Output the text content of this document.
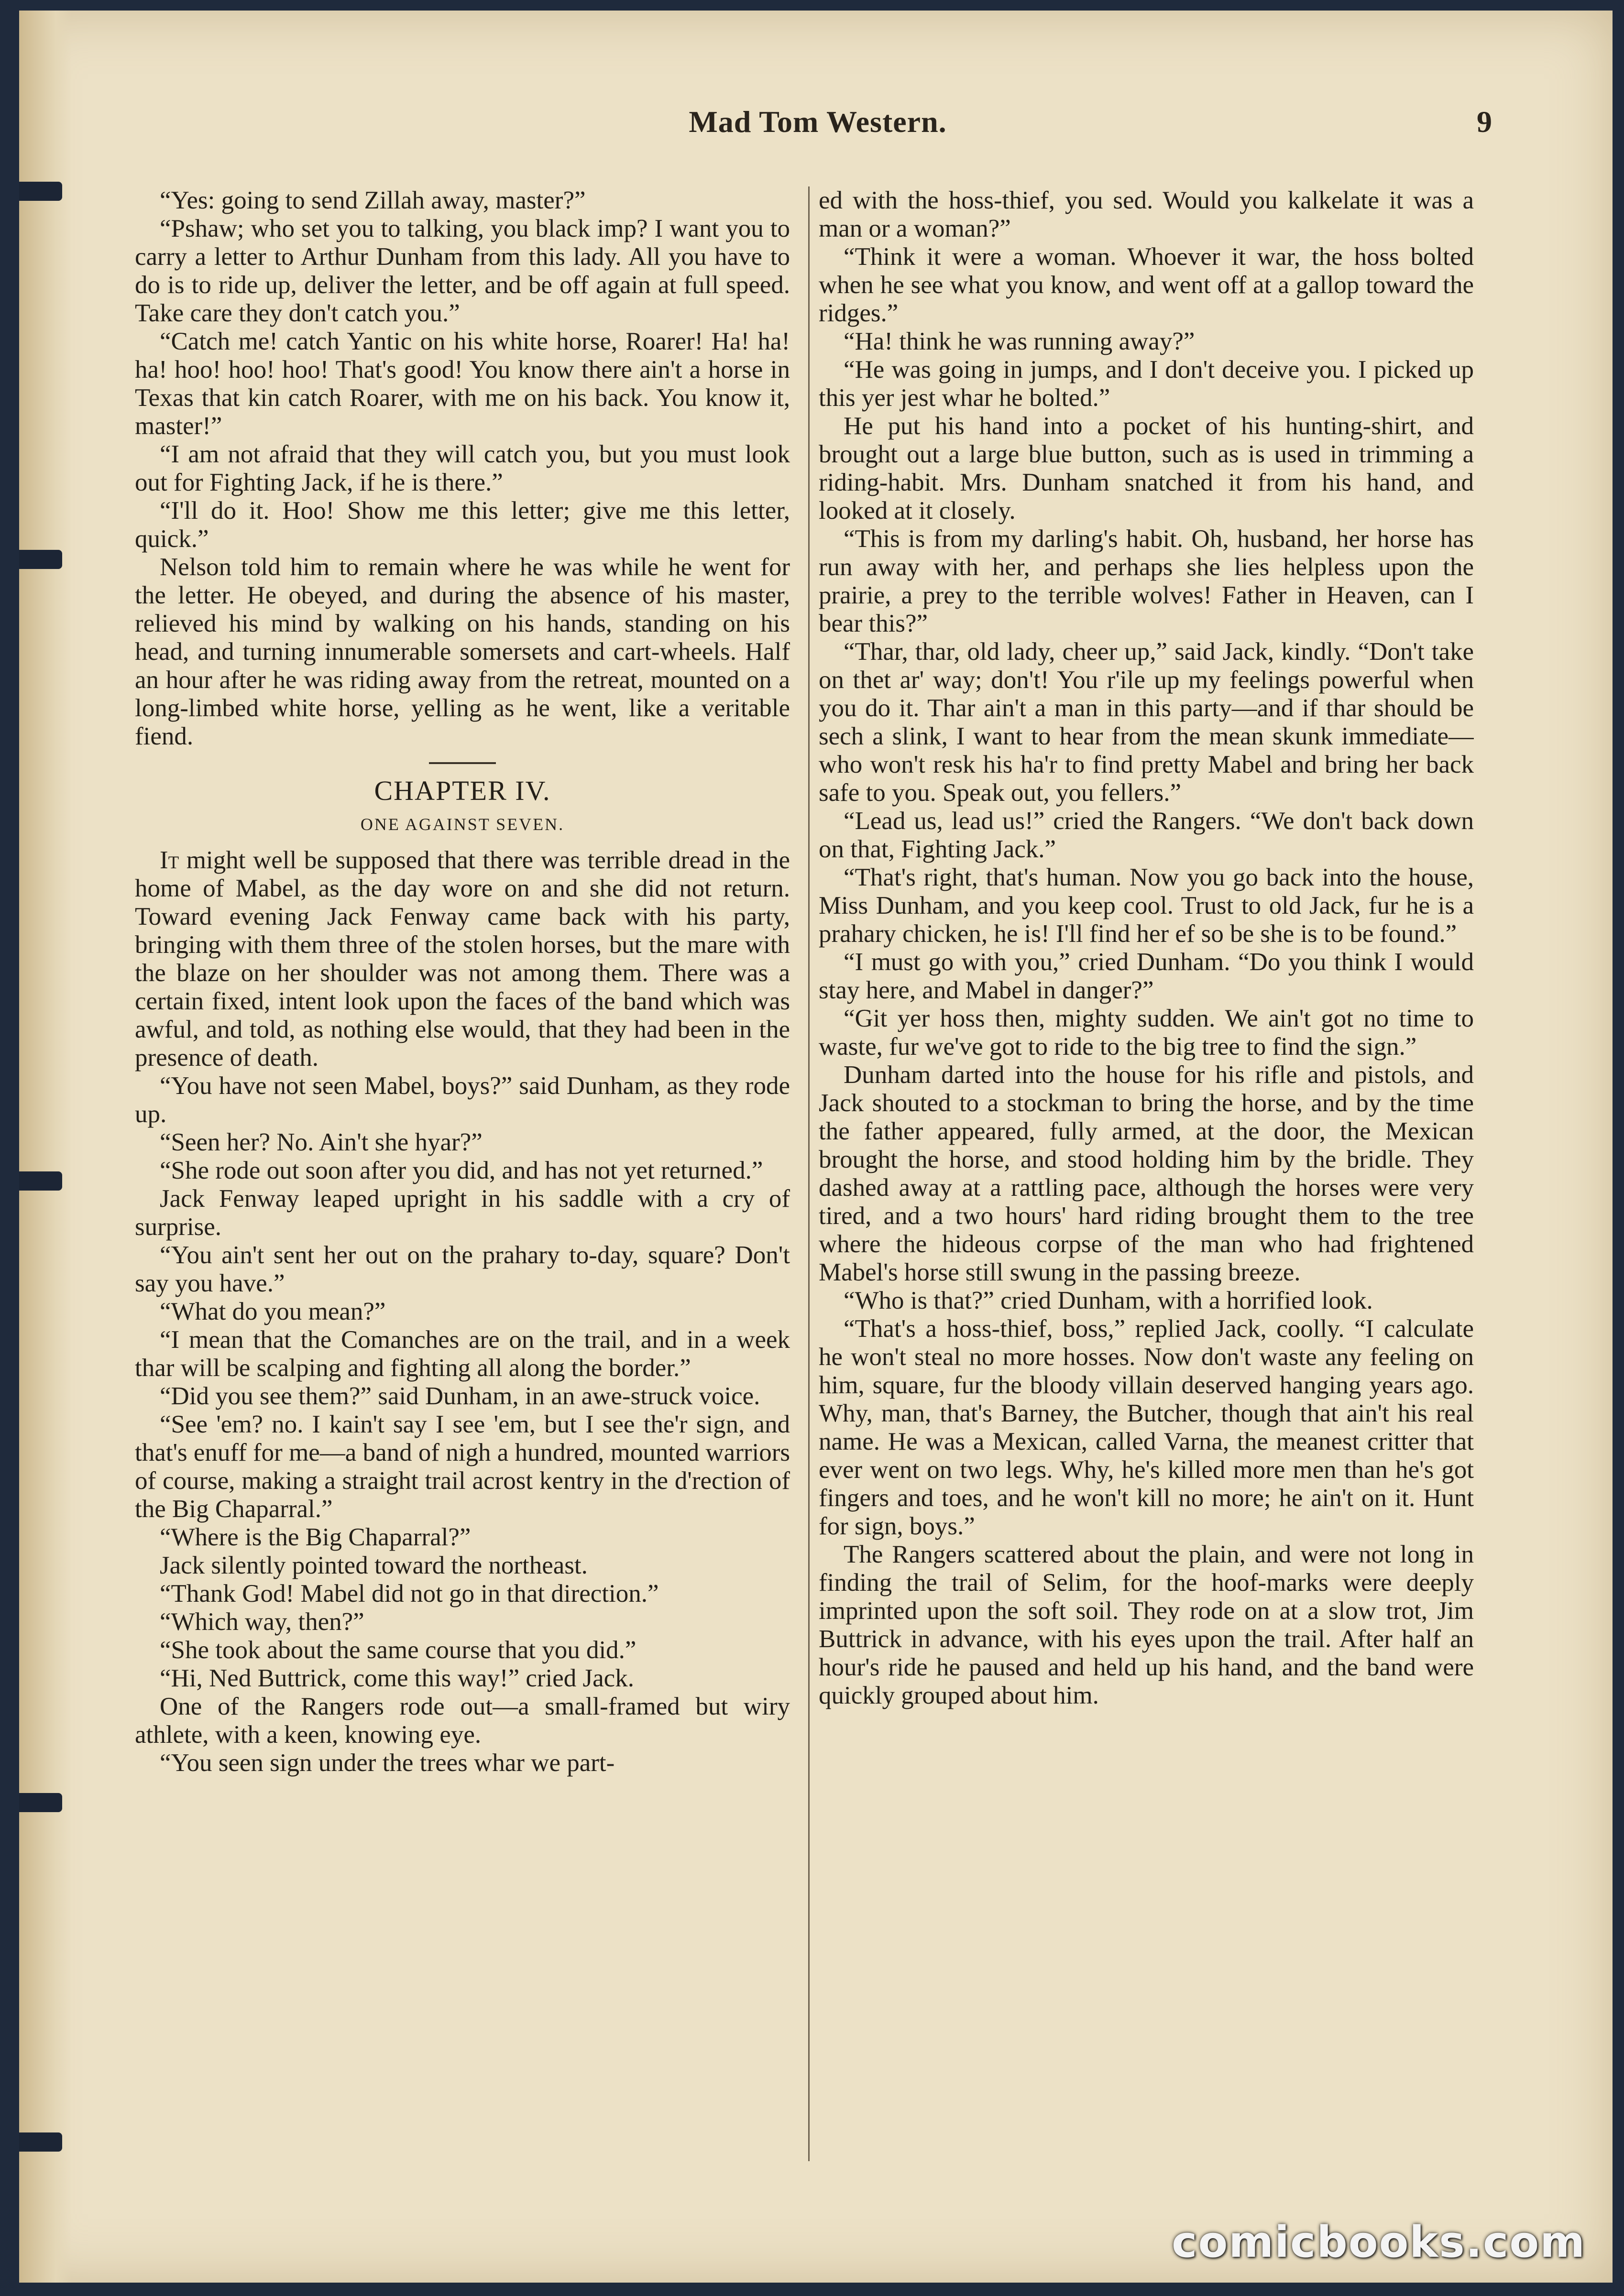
Mad Tom Western.	9

“Yes: going to send Zillah away, master?”

“Pshaw; who set you to talking, you black imp? I want you to carry a letter to Arthur Dunham from this lady. All you have to do is to ride up, deliver the letter, and be off again at full speed. Take care they don't catch you.”

“Catch me! catch Yantic on his white horse, Roarer! Ha! ha! ha! hoo! hoo! hoo! That's good! You know there ain't a horse in Texas that kin catch Roarer, with me on his back. You know it, master!”

“I am not afraid that they will catch you, but you must look out for Fighting Jack, if he is there.”

“I'll do it. Hoo! Show me this letter; give me this letter, quick.”

Nelson told him to remain where he was while he went for the letter. He obeyed, and during the absence of his master, relieved his mind by walking on his hands, standing on his head, and turning innumerable somersets and cart-wheels. Half an hour after he was riding away from the retreat, mounted on a long-limbed white horse, yelling as he went, like a veritable fiend.

CHAPTER IV.
ONE AGAINST SEVEN.

It might well be supposed that there was terrible dread in the home of Mabel, as the day wore on and she did not return. Toward evening Jack Fenway came back with his party, bringing with them three of the stolen horses, but the mare with the blaze on her shoulder was not among them. There was a certain fixed, intent look upon the faces of the band which was awful, and told, as nothing else would, that they had been in the presence of death.

“You have not seen Mabel, boys?” said Dunham, as they rode up.

“Seen her? No. Ain't she hyar?”

“She rode out soon after you did, and has not yet returned.”

Jack Fenway leaped upright in his saddle with a cry of surprise.

“You ain't sent her out on the prahary to-day, square? Don't say you have.”

“What do you mean?”

“I mean that the Comanches are on the trail, and in a week thar will be scalping and fighting all along the border.”

“Did you see them?” said Dunham, in an awe-struck voice.

“See 'em? no. I kain't say I see 'em, but I see the'r sign, and that's enuff for me—a band of nigh a hundred, mounted warriors of course, making a straight trail acrost kentry in the d'rection of the Big Chaparral.”

“Where is the Big Chaparral?”

Jack silently pointed toward the northeast.

“Thank God! Mabel did not go in that direction.”

“Which way, then?”

“She took about the same course that you did.”

“Hi, Ned Buttrick, come this way!” cried Jack.

One of the Rangers rode out—a small-framed but wiry athlete, with a keen, knowing eye.

“You seen sign under the trees whar we part-

ed with the hoss-thief, you sed. Would you kalkelate it was a man or a woman?”

“Think it were a woman. Whoever it war, the hoss bolted when he see what you know, and went off at a gallop toward the ridges.”

“Ha! think he was running away?”

“He was going in jumps, and I don't deceive you. I picked up this yer jest whar he bolted.”

He put his hand into a pocket of his hunting-shirt, and brought out a large blue button, such as is used in trimming a riding-habit. Mrs. Dunham snatched it from his hand, and looked at it closely.

“This is from my darling's habit. Oh, husband, her horse has run away with her, and perhaps she lies helpless upon the prairie, a prey to the terrible wolves! Father in Heaven, can I bear this?”

“Thar, thar, old lady, cheer up,” said Jack, kindly. “Don't take on thet ar' way; don't! You r'ile up my feelings powerful when you do it. Thar ain't a man in this party—and if thar should be sech a slink, I want to hear from the mean skunk immediate—who won't resk his ha'r to find pretty Mabel and bring her back safe to you. Speak out, you fellers.”

“Lead us, lead us!” cried the Rangers. “We don't back down on that, Fighting Jack.”

“That's right, that's human. Now you go back into the house, Miss Dunham, and you keep cool. Trust to old Jack, fur he is a prahary chicken, he is! I'll find her ef so be she is to be found.”

“I must go with you,” cried Dunham. “Do you think I would stay here, and Mabel in danger?”

“Git yer hoss then, mighty sudden. We ain't got no time to waste, fur we've got to ride to the big tree to find the sign.”

Dunham darted into the house for his rifle and pistols, and Jack shouted to a stockman to bring the horse, and by the time the father appeared, fully armed, at the door, the Mexican brought the horse, and stood holding him by the bridle. They dashed away at a rattling pace, although the horses were very tired, and a two hours' hard riding brought them to the tree where the hideous corpse of the man who had frightened Mabel's horse still swung in the passing breeze.

“Who is that?” cried Dunham, with a horrified look.

“That's a hoss-thief, boss,” replied Jack, coolly. “I calculate he won't steal no more hosses. Now don't waste any feeling on him, square, fur the bloody villain deserved hanging years ago. Why, man, that's Barney, the Butcher, though that ain't his real name. He was a Mexican, called Varna, the meanest critter that ever went on two legs. Why, he's killed more men than he's got fingers and toes, and he won't kill no more; he ain't on it. Hunt for sign, boys.”

The Rangers scattered about the plain, and were not long in finding the trail of Selim, for the hoof-marks were deeply imprinted upon the soft soil. They rode on at a slow trot, Jim Buttrick in advance, with his eyes upon the trail. After half an hour's ride he paused and held up his hand, and the band were quickly grouped about him.

comicbooks.com
